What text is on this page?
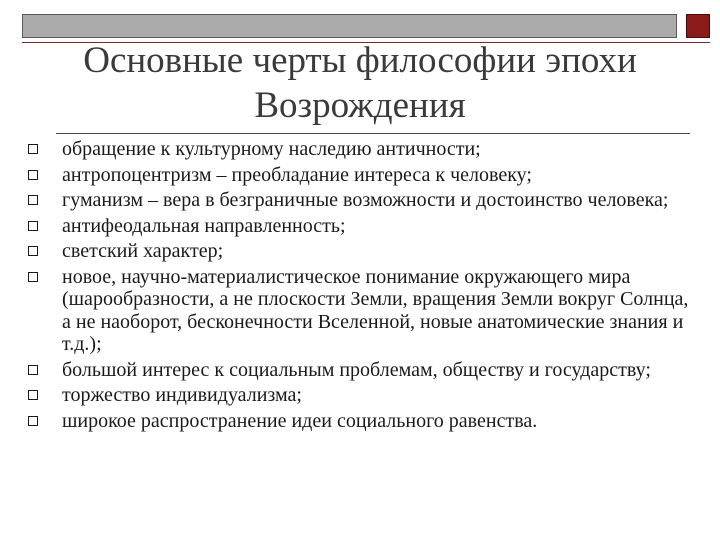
Основные черты философии эпохи
Возрождения
обращение к культурному наследию античности;
антропоцентризм – преобладание интереса к человеку;
гуманизм – вера в безграничные возможности и достоинство человека;
антифеодальная направленность;
светский характер;
новое, научно-материалистическое понимание окружающего мира (шарообразности, а не плоскости Земли, вращения Земли вокруг Солнца, а не наоборот, бесконечности Вселенной, новые анатомические знания и т.д.);
большой интерес к социальным проблемам, обществу и государству;
торжество индивидуализма;
широкое распространение идеи социального равенства.
